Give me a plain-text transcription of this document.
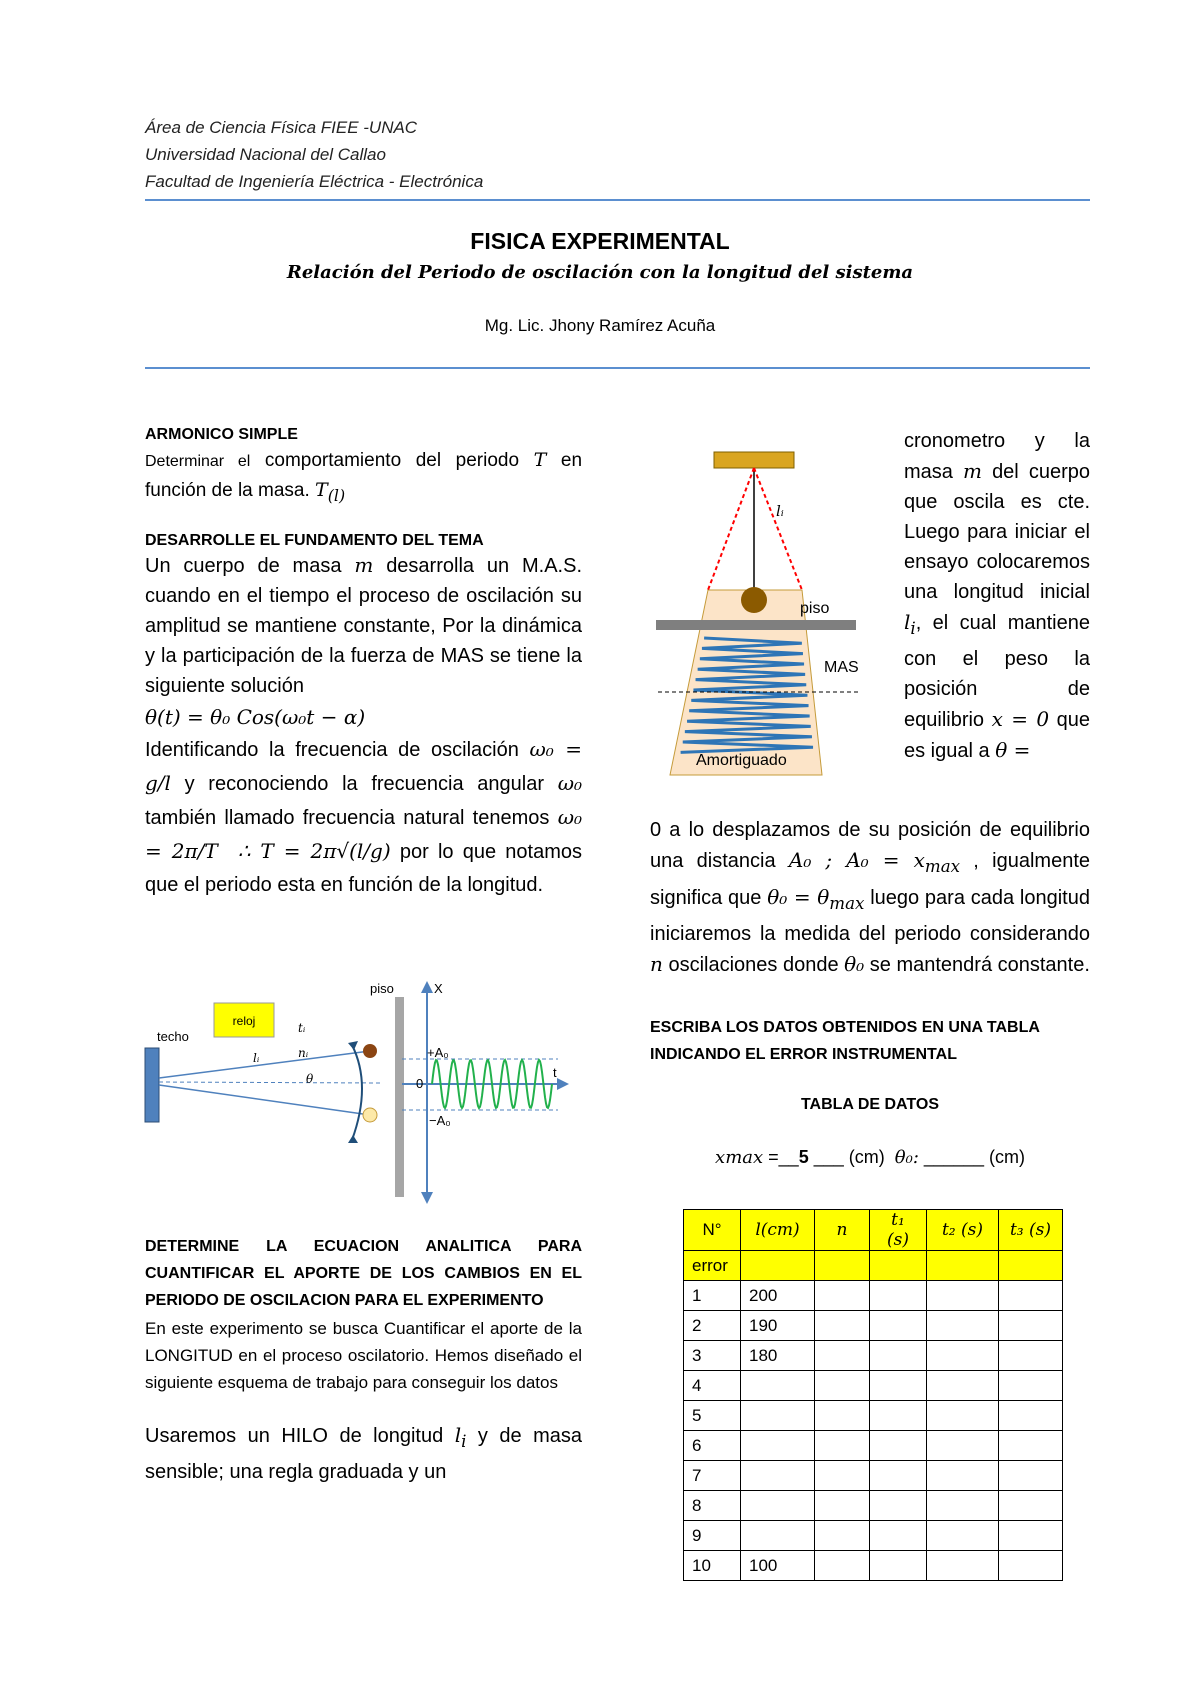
Área de Ciencia Física FIEE -UNAC
Universidad Nacional del Callao
Facultad de Ingeniería Eléctrica - Electrónica
FISICA EXPERIMENTAL
Relación del Periodo de oscilación con la longitud del sistema
Mg. Lic. Jhony Ramírez Acuña
ARMONICO SIMPLE
Determinar el comportamiento del periodo T en función de la masa. $T_{(l)}$
DESARROLLE EL FUNDAMENTO DEL TEMA
Un cuerpo de masa m desarrolla un M.A.S. cuando en el tiempo el proceso de oscilación su amplitud se mantiene constante, Por la dinámica y la participación de la fuerza de MAS se tiene la siguiente solución
θ(t) = θ₀ Cos(ω₀t − α)
Identificando la frecuencia de oscilación ω₀ = g/l y reconociendo la frecuencia angular ω₀ también llamado frecuencia natural tenemos ω₀ = 2π/T  ∴ T = 2π√(l/g) por lo que notamos que el periodo esta en función de la longitud.
reloj
techo
tᵢ
nᵢ
lᵢ
θ
piso	X
+A₀
0
−A₀
t
DETERMINE LA ECUACION ANALITICA PARA CUANTIFICAR EL APORTE DE LOS CAMBIOS EN EL PERIODO DE OSCILACION PARA EL EXPERIMENTO
En este experimento se busca Cuantificar el aporte de la LONGITUD en el proceso oscilatorio. Hemos diseñado el siguiente esquema de trabajo para conseguir los datos
Usaremos un HILO de longitud $l_i$ y de masa sensible; una regla graduada y un
lᵢ
piso
MAS
Amortiguado
cronometro y la masa m del cuerpo que oscila es cte. Luego para iniciar el ensayo colocaremos una longitud inicial $l_i$, el cual mantiene con el peso la posición de equilibrio x = 0 que es igual a θ =
0 a lo desplazamos de su posición de equilibrio una distancia A₀ ; $A_0 = x_{max}$ , igualmente significa que $\theta_0 = \theta_{max}$ luego para cada longitud iniciaremos la medida del periodo considerando n oscilaciones donde θ₀ se mantendrá constante.
ESCRIBA LOS DATOS OBTENIDOS EN UNA TABLA INDICANDO EL ERROR INSTRUMENTAL
TABLA DE DATOS
xmax =__5 ___ (cm) θ₀: ______ (cm)
N°	l(cm)	n	t₁ (s)	t₂ (s)	t₃ (s)
error					
1	200				
2	190				
3	180				
4					
5					
6					
7					
8					
9					
10	100				
